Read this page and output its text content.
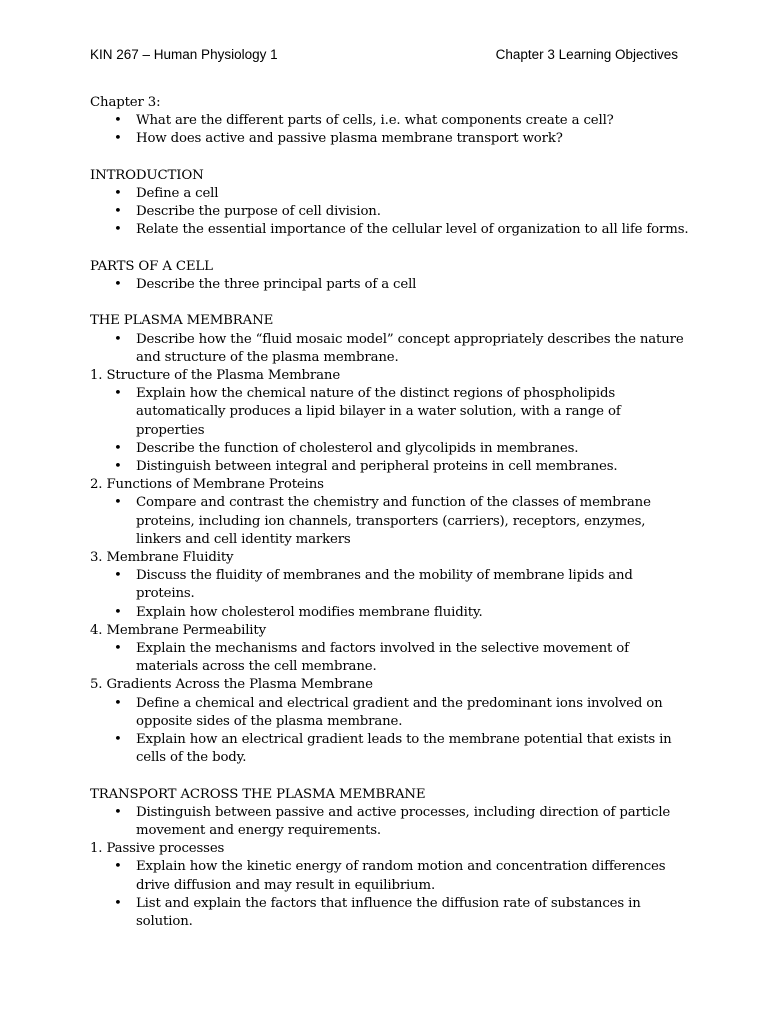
KIN 267 – Human Physiology 1	Chapter 3 Learning Objectives

Chapter 3:

• What are the different parts of cells, i.e. what components create a cell?
• How does active and passive plasma membrane transport work?

INTRODUCTION

• Define a cell
• Describe the purpose of cell division.
• Relate the essential importance of the cellular level of organization to all life forms.

PARTS OF A CELL

• Describe the three principal parts of a cell

THE PLASMA MEMBRANE

• Describe how the “fluid mosaic model” concept appropriately describes the nature and structure of the plasma membrane.

1. Structure of the Plasma Membrane

• Explain how the chemical nature of the distinct regions of phospholipids automatically produces a lipid bilayer in a water solution, with a range of properties
• Describe the function of cholesterol and glycolipids in membranes.
• Distinguish between integral and peripheral proteins in cell membranes.

2. Functions of Membrane Proteins

• Compare and contrast the chemistry and function of the classes of membrane proteins, including ion channels, transporters (carriers), receptors, enzymes, linkers and cell identity markers

3. Membrane Fluidity

• Discuss the fluidity of membranes and the mobility of membrane lipids and proteins.
• Explain how cholesterol modifies membrane fluidity.

4. Membrane Permeability

• Explain the mechanisms and factors involved in the selective movement of materials across the cell membrane.

5. Gradients Across the Plasma Membrane

• Define a chemical and electrical gradient and the predominant ions involved on opposite sides of the plasma membrane.
• Explain how an electrical gradient leads to the membrane potential that exists in cells of the body.

TRANSPORT ACROSS THE PLASMA MEMBRANE

• Distinguish between passive and active processes, including direction of particle movement and energy requirements.

1. Passive processes

• Explain how the kinetic energy of random motion and concentration differences drive diffusion and may result in equilibrium.
• List and explain the factors that influence the diffusion rate of substances in solution.
